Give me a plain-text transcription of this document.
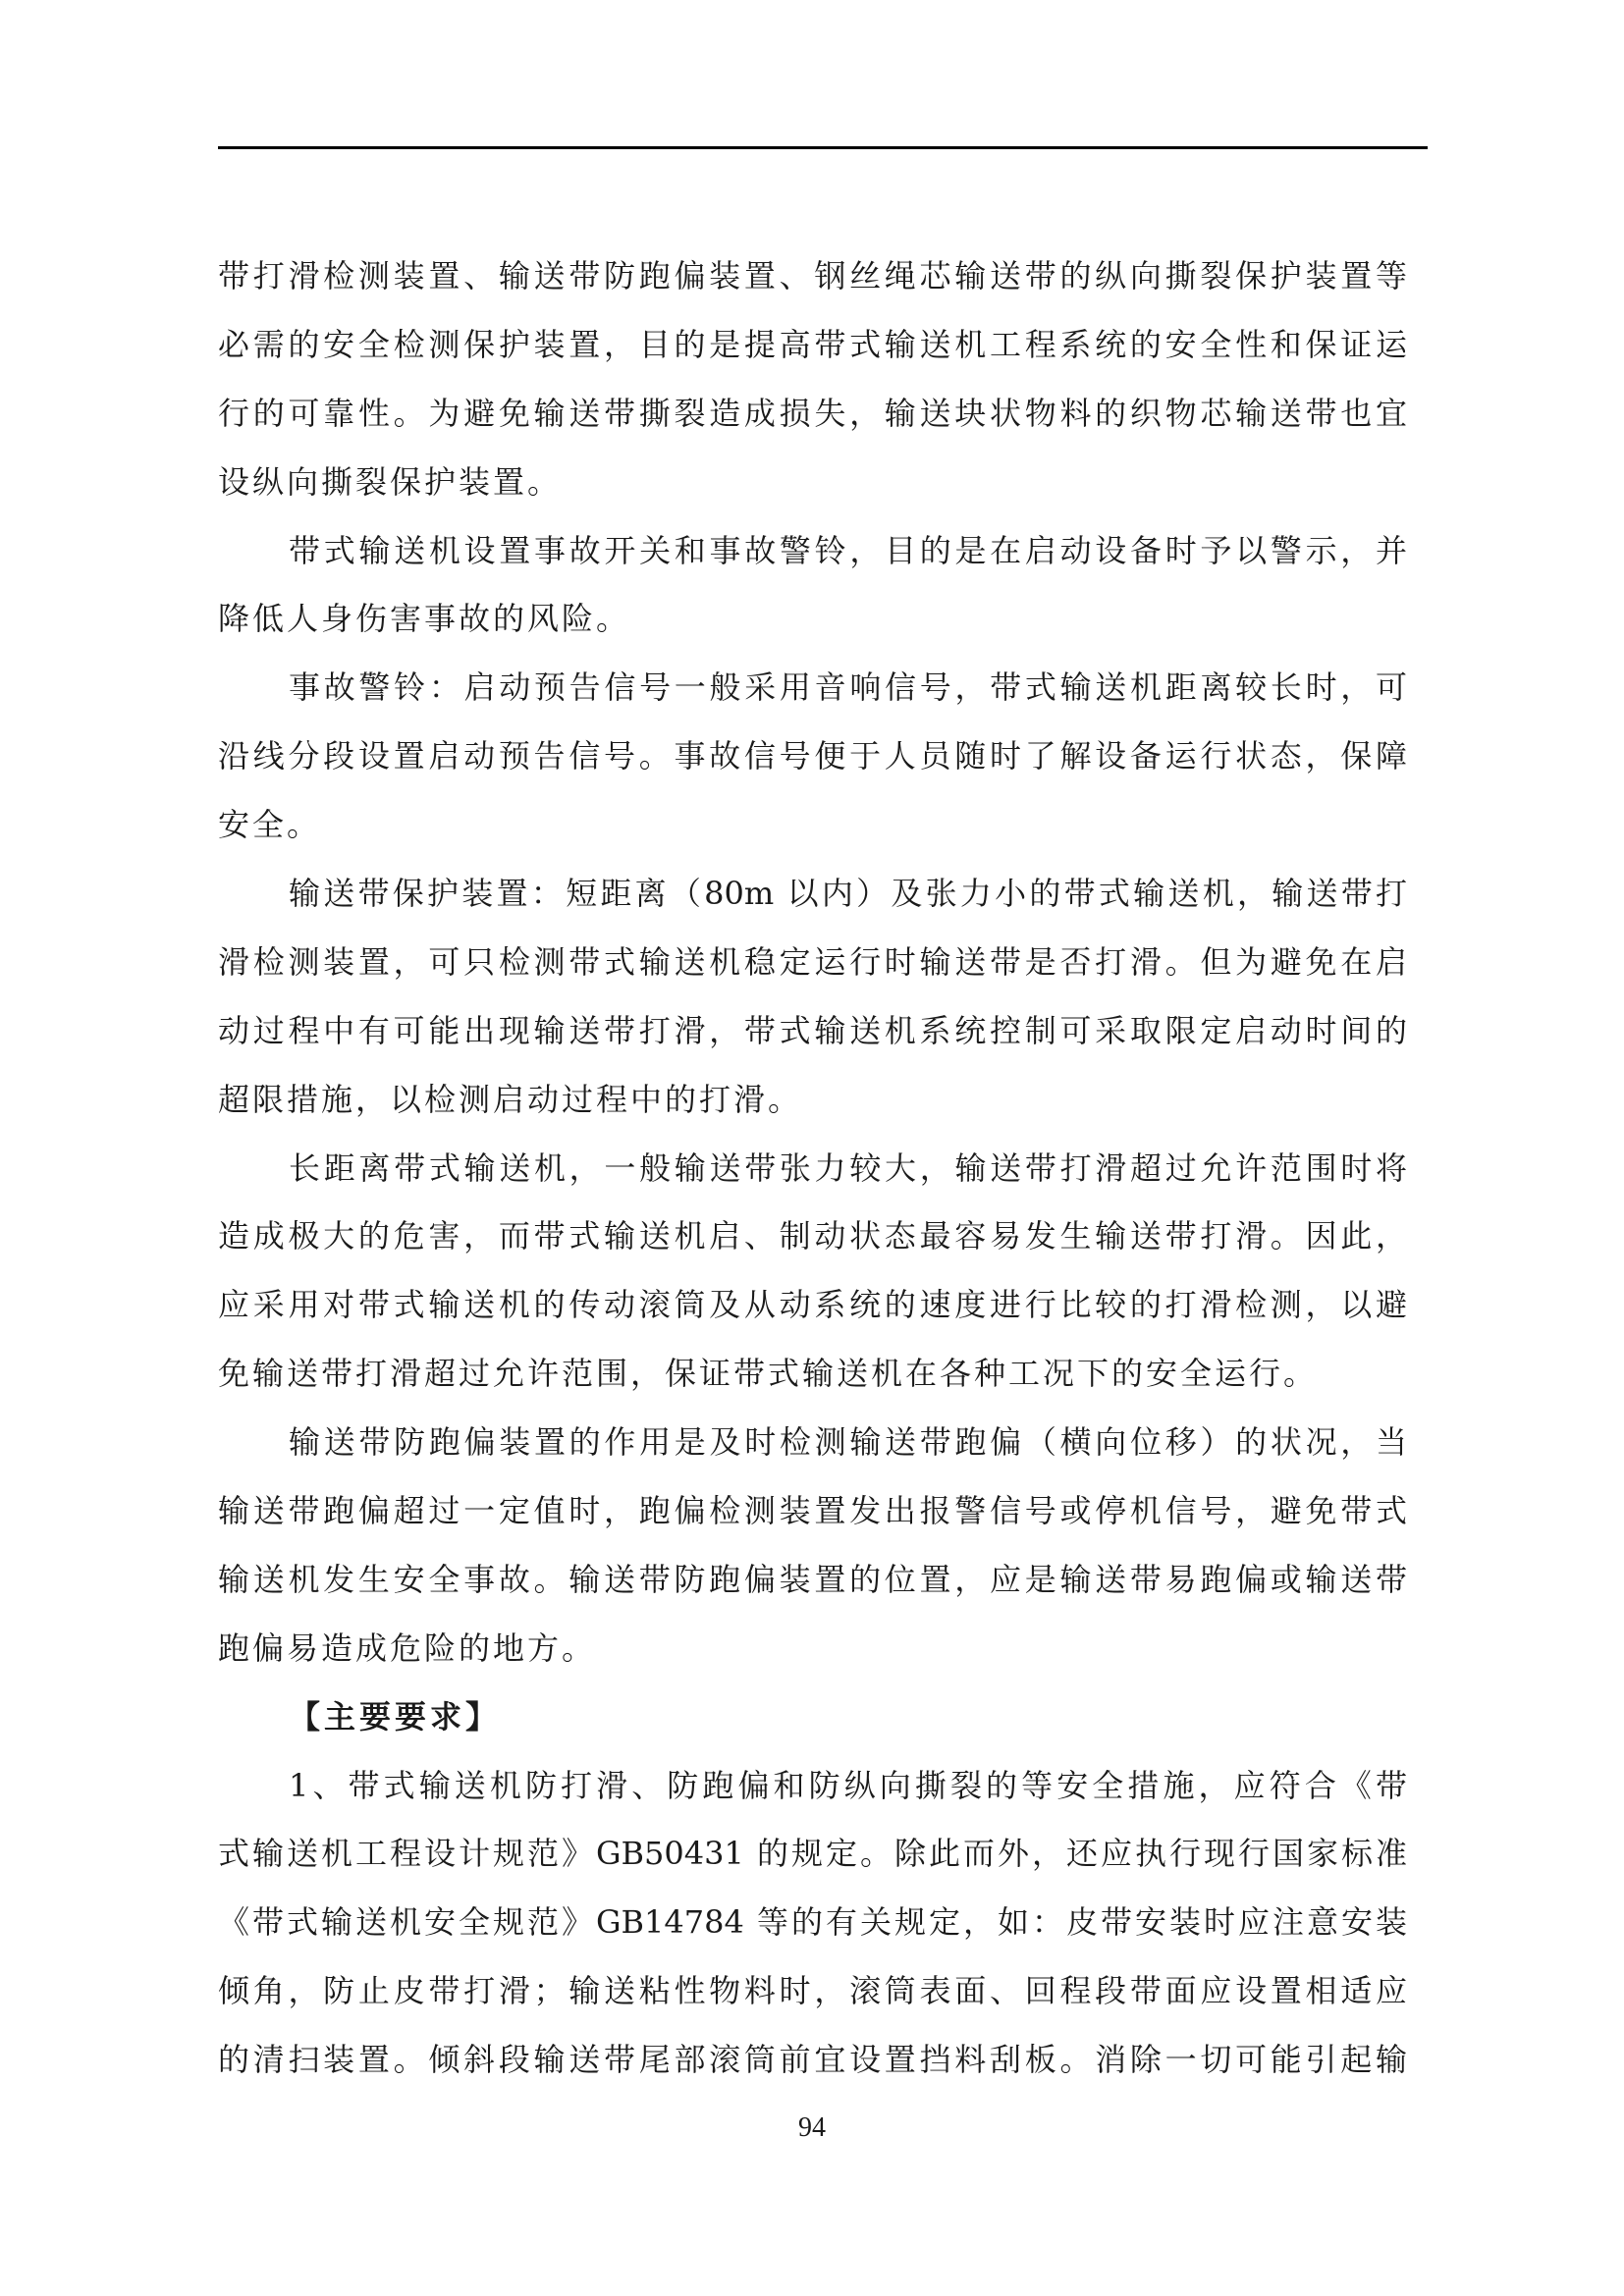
带打滑检测装置、输送带防跑偏装置、钢丝绳芯输送带的纵向撕裂保护装置等
必需的安全检测保护装置，目的是提高带式输送机工程系统的安全性和保证运
行的可靠性。为避免输送带撕裂造成损失，输送块状物料的织物芯输送带也宜
设纵向撕裂保护装置。
带式输送机设置事故开关和事故警铃，目的是在启动设备时予以警示，并
降低人身伤害事故的风险。
事故警铃：启动预告信号一般采用音响信号，带式输送机距离较长时，可
沿线分段设置启动预告信号。事故信号便于人员随时了解设备运行状态，保障
安全。
输送带保护装置：短距离（80m 以内）及张力小的带式输送机，输送带打
滑检测装置，可只检测带式输送机稳定运行时输送带是否打滑。但为避免在启
动过程中有可能出现输送带打滑，带式输送机系统控制可采取限定启动时间的
超限措施，以检测启动过程中的打滑。
长距离带式输送机，一般输送带张力较大，输送带打滑超过允许范围时将
造成极大的危害，而带式输送机启、制动状态最容易发生输送带打滑。因此，
应采用对带式输送机的传动滚筒及从动系统的速度进行比较的打滑检测，以避
免输送带打滑超过允许范围，保证带式输送机在各种工况下的安全运行。
输送带防跑偏装置的作用是及时检测输送带跑偏（横向位移）的状况，当
输送带跑偏超过一定值时，跑偏检测装置发出报警信号或停机信号，避免带式
输送机发生安全事故。输送带防跑偏装置的位置，应是输送带易跑偏或输送带
跑偏易造成危险的地方。
【主要要求】
1、带式输送机防打滑、防跑偏和防纵向撕裂的等安全措施，应符合《带
式输送机工程设计规范》GB50431 的规定。除此而外，还应执行现行国家标准
《带式输送机安全规范》GB14784 等的有关规定，如：皮带安装时应注意安装
倾角，防止皮带打滑；输送粘性物料时，滚筒表面、回程段带面应设置相适应
的清扫装置。倾斜段输送带尾部滚筒前宜设置挡料刮板。消除一切可能引起输
94
